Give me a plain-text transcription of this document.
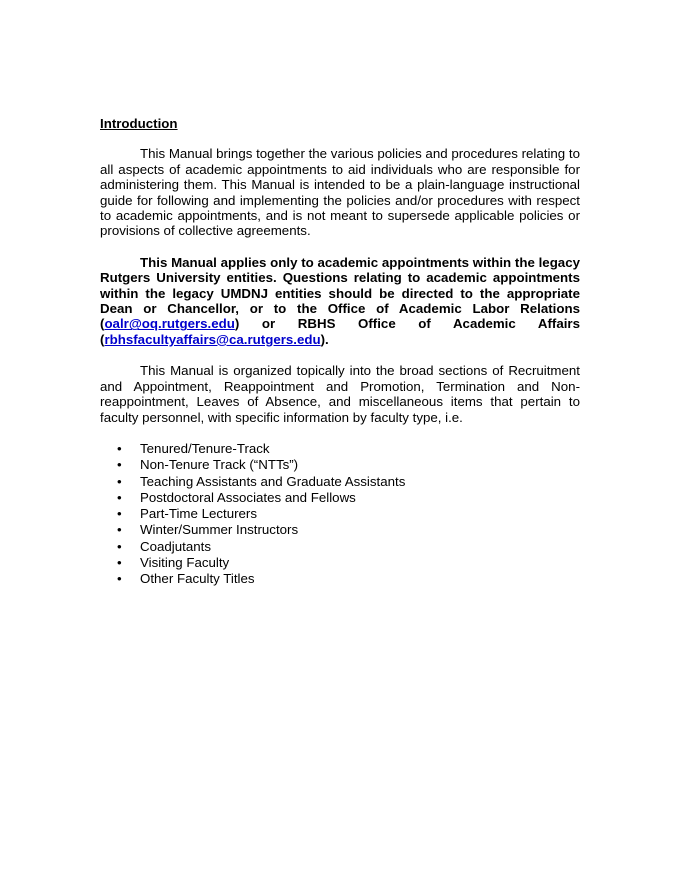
Introduction

This Manual brings together the various policies and procedures relating to all aspects of academic appointments to aid individuals who are responsible for administering them. This Manual is intended to be a plain-language instructional guide for following and implementing the policies and/or procedures with respect to academic appointments, and is not meant to supersede applicable policies or provisions of collective agreements.

This Manual applies only to academic appointments within the legacy Rutgers University entities. Questions relating to academic appointments within the legacy UMDNJ entities should be directed to the appropriate Dean or Chancellor, or to the Office of Academic Labor Relations (oalr@oq.rutgers.edu) or RBHS Office of Academic Affairs (rbhsfacultyaffairs@ca.rutgers.edu).

This Manual is organized topically into the broad sections of Recruitment and Appointment, Reappointment and Promotion, Termination and Non-reappointment, Leaves of Absence, and miscellaneous items that pertain to faculty personnel, with specific information by faculty type, i.e.

• Tenured/Tenure-Track
• Non-Tenure Track (“NTTs”)
• Teaching Assistants and Graduate Assistants
• Postdoctoral Associates and Fellows
• Part-Time Lecturers
• Winter/Summer Instructors
• Coadjutants
• Visiting Faculty
• Other Faculty Titles
